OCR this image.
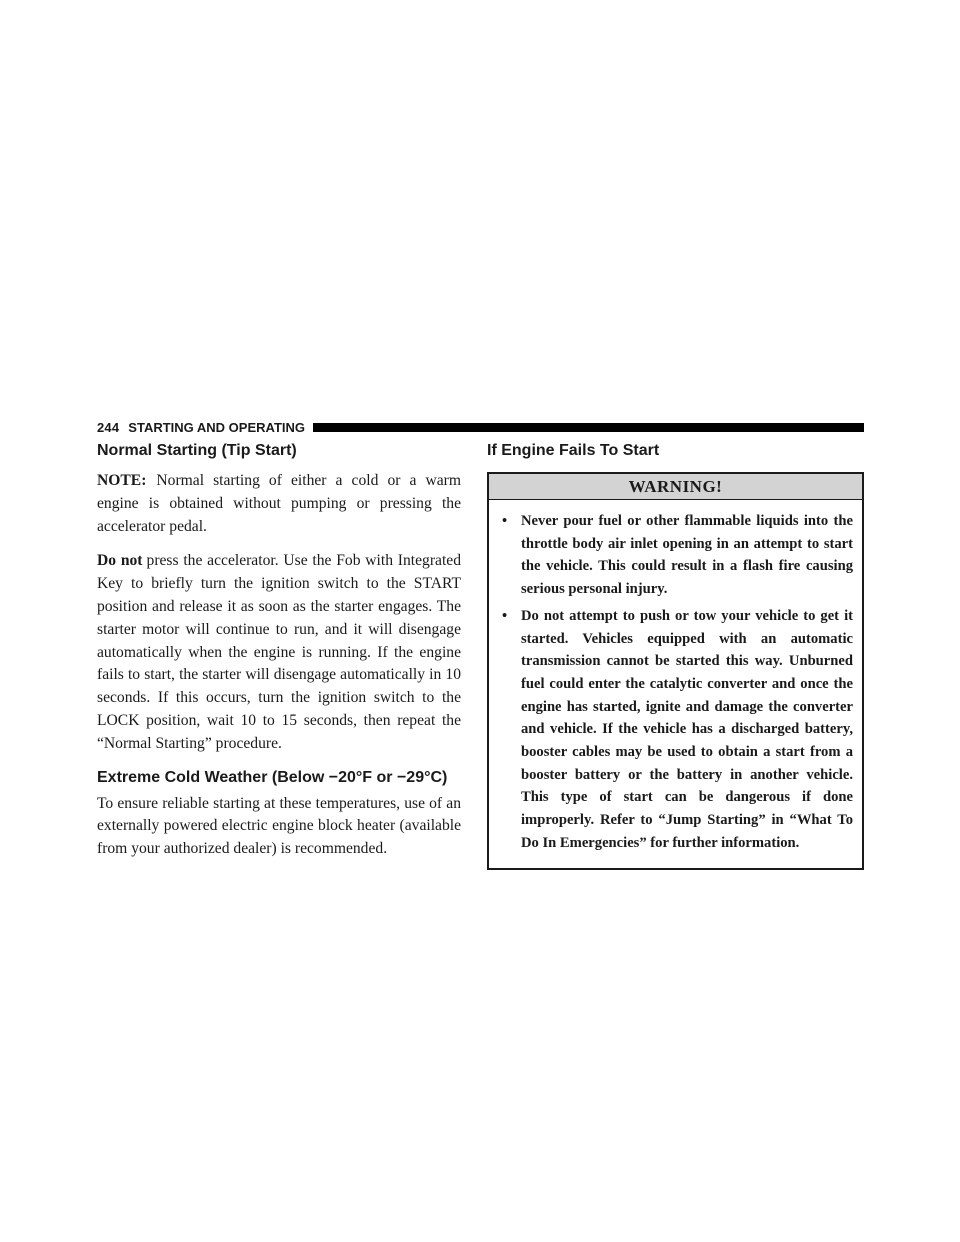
244 STARTING AND OPERATING
Normal Starting (Tip Start)

NOTE: Normal starting of either a cold or a warm engine is obtained without pumping or pressing the accelerator pedal.

Do not press the accelerator. Use the Fob with Integrated Key to briefly turn the ignition switch to the START position and release it as soon as the starter engages. The starter motor will continue to run, and it will disengage automatically when the engine is running. If the engine fails to start, the starter will disengage automatically in 10 seconds. If this occurs, turn the ignition switch to the LOCK position, wait 10 to 15 seconds, then repeat the “Normal Starting” procedure.

Extreme Cold Weather (Below −20°F or −29°C)

To ensure reliable starting at these temperatures, use of an externally powered electric engine block heater (available from your authorized dealer) is recommended.

If Engine Fails To Start
WARNING!
• Never pour fuel or other flammable liquids into the throttle body air inlet opening in an attempt to start the vehicle. This could result in a flash fire causing serious personal injury.
• Do not attempt to push or tow your vehicle to get it started. Vehicles equipped with an automatic transmission cannot be started this way. Unburned fuel could enter the catalytic converter and once the engine has started, ignite and damage the converter and vehicle. If the vehicle has a discharged battery, booster cables may be used to obtain a start from a booster battery or the battery in another vehicle. This type of start can be dangerous if done improperly. Refer to “Jump Starting” in “What To Do In Emergencies” for further information.
